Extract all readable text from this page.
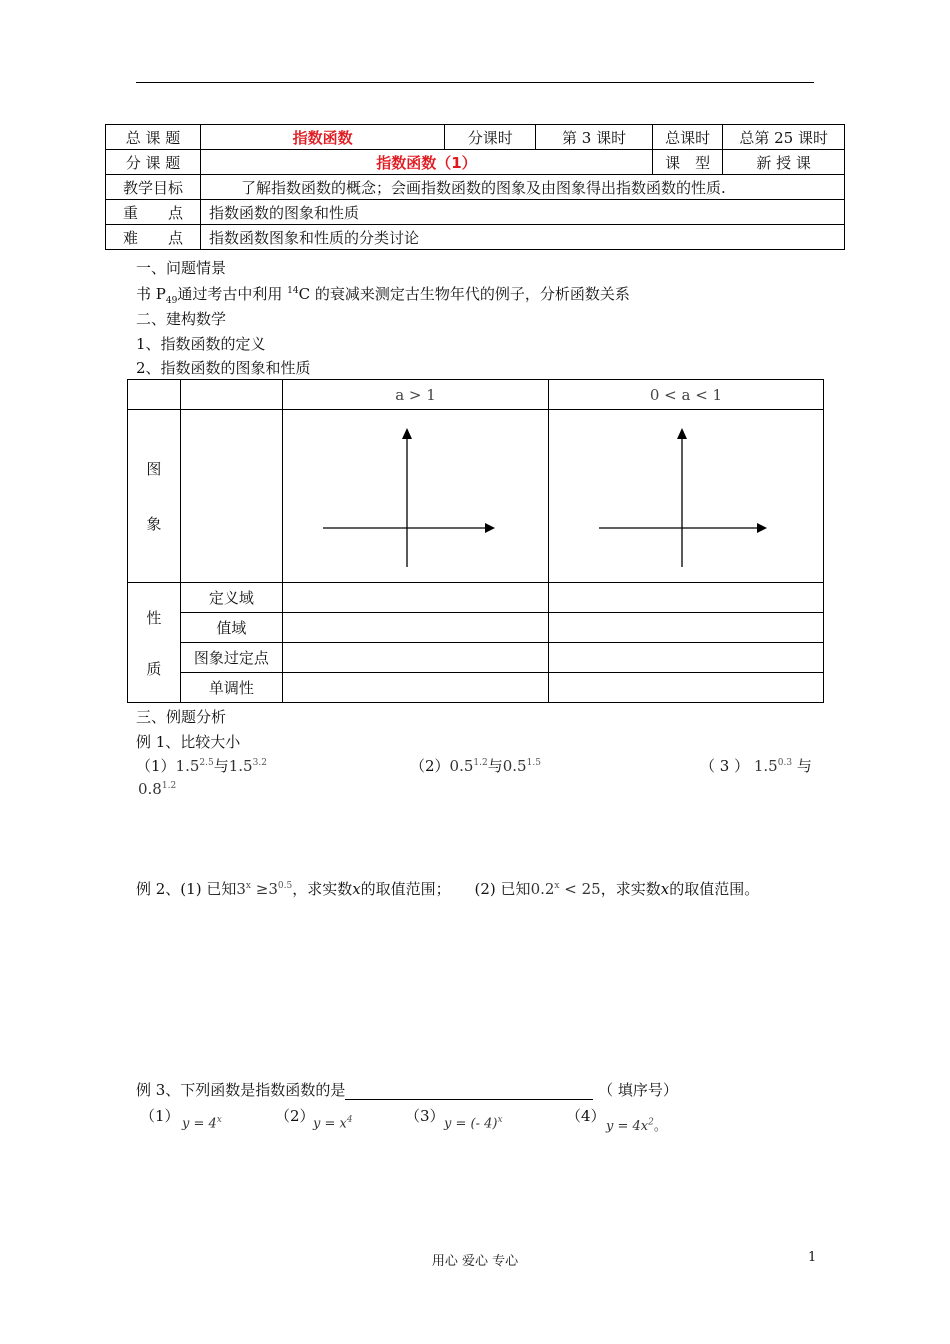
总 课 题	指数函数	分课时	第 3 课时	总课时	总第 25 课时
分 课 题	指数函数（1）			课　型	新 授 课
教学目标	了解指数函数的概念；会画指数函数的图象及由图象得出指数函数的性质.				
重　　点	指数函数的图象和性质				
难　　点	指数函数图象和性质的分类讨论				
一、问题情景
书 $P_{49}$通过考古中利用 $^{14}$C 的衰减来测定古生物年代的例子，分析函数关系
二、建构数学
1、指数函数的定义
2、指数函数的图象和性质
		a > 1	0 < a < 1

图
象

性
质	定义域		
	值域		
	图象过定点		
	单调性		
三、例题分析
例 1、比较大小
$(1)1.5^{2.5}$与$1.5^{3.2}$	$(2)0.5^{1.2}$与$0.5^{1.5}$	（ 3 ） $1.5^{0.3}$ 与
$0.8^{1.2}$
例 2、(1) 已知$3^x \ge 3^{0.5}$，求实数x的取值范围； (2) 已知$0.2^x < 25$，求实数x的取值范围。
例 3、下列函数是指数函数的是	（ 填序号）
（1） $y = 4^x$	（2）
$y = x^4$	（3） y = (- 4)$^x$	（4）
$y = 4x^2$。
用心 爱心 专心	1
